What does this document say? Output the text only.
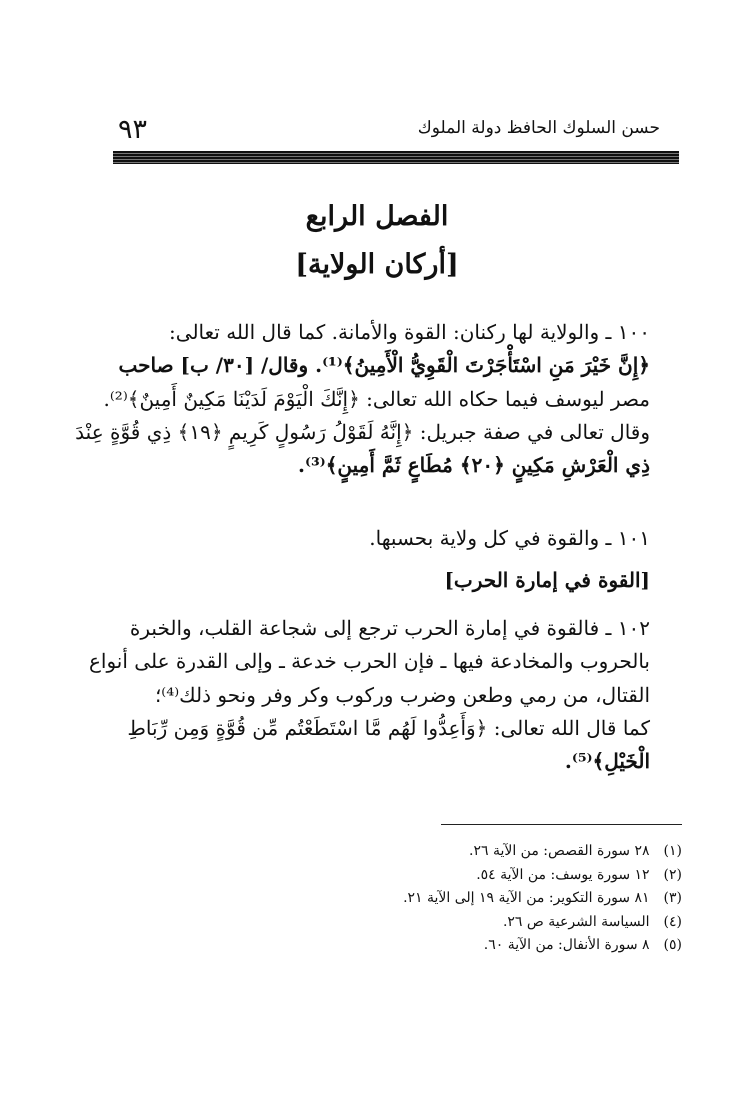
٩٣	حسن السلوك الحافظ دولة الملوك
الفصل الرابع
[أركان الولاية]

١٠٠ ـ والولاية لها ركنان: القوة والأمانة. كما قال الله تعالى:

﴿إِنَّ خَيْرَ مَنِ اسْتَأْجَرْتَ الْقَوِيُّ الْأَمِينُ﴾⁽¹⁾. وقال/ [٣٠/ ب] صاحب

مصر ليوسف فيما حكاه الله تعالى: ﴿إِنَّكَ الْيَوْمَ لَدَيْنَا مَكِينٌ أَمِينٌ﴾⁽²⁾.

وقال تعالى في صفة جبريل: ﴿إِنَّهُ لَقَوْلُ رَسُولٍ كَرِيمٍ ﴿١٩﴾ ذِي قُوَّةٍ عِنْدَ

ذِي الْعَرْشِ مَكِينٍ ﴿٢٠﴾ مُطَاعٍ ثَمَّ أَمِينٍ﴾⁽³⁾.

١٠١ ـ والقوة في كل ولاية بحسبها.

[القوة في إمارة الحرب]

١٠٢ ـ فالقوة في إمارة الحرب ترجع إلى شجاعة القلب، والخبرة

بالحروب والمخادعة فيها ـ فإن الحرب خدعة ـ وإلى القدرة على أنواع

القتال، من رمي وطعن وضرب وركوب وكر وفر ونحو ذلك⁽⁴⁾؛

كما قال الله تعالى: ﴿وَأَعِدُّوا لَهُم مَّا اسْتَطَعْتُم مِّن قُوَّةٍ وَمِن رِّبَاطِ

الْخَيْلِ﴾⁽⁵⁾.

(١) ٢٨ سورة القصص: من الآية ٢٦.

(٢) ١٢ سورة يوسف: من الآية ٥٤.

(٣) ٨١ سورة التكوير: من الآية ١٩ إلى الآية ٢١.

(٤) السياسة الشرعية ص ٢٦.

(٥) ٨ سورة الأنفال: من الآية ٦٠.
